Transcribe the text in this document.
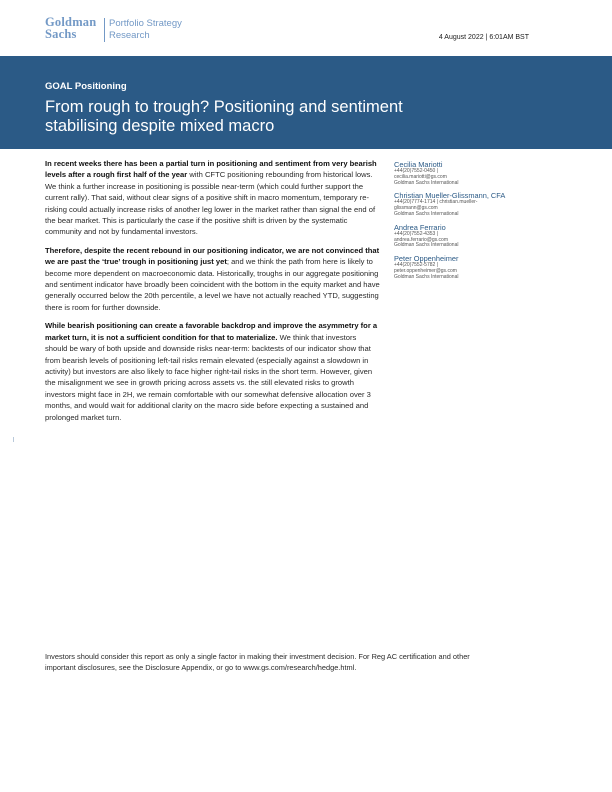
Goldman
Sachs
Portfolio Strategy
Research	4 August 2022 | 6:01AM BST
GOAL Positioning
From rough to trough? Positioning and sentiment stabilising despite mixed macro

In recent weeks there has been a partial turn in positioning and sentiment from very bearish levels after a rough first half of the year with CFTC positioning rebounding from historical lows. We think a further increase in positioning is possible near-term (which could further support the current rally). That said, without clear signs of a positive shift in macro momentum, temporary re-risking could actually increase risks of another leg lower in the market rather than signal the end of the bear market. This is particularly the case if the positive shift is driven by the systematic community and not by fundamental investors.

Therefore, despite the recent rebound in our positioning indicator, we are not convinced that we are past the ‘true’ trough in positioning just yet; and we think the path from here is likely to become more dependent on macroeconomic data. Historically, troughs in our aggregate positioning and sentiment indicator have broadly been coincident with the bottom in the equity market and have generally occurred below the 20th percentile, a level we have not actually reached YTD, suggesting there is room for further downside.

While bearish positioning can create a favorable backdrop and improve the asymmetry for a market turn, it is not a sufficient condition for that to materialize. We think that investors should be wary of both upside and downside risks near-term: backtests of our indicator show that from bearish levels of positioning left-tail risks remain elevated (especially against a slowdown in activity) but investors are also likely to face higher right-tail risks in the short term. However, given the misalignment we see in growth pricing across assets vs. the still elevated risks to growth investors might face in 2H, we remain comfortable with our somewhat defensive allocation over 3 months, and would wait for additional clarity on the macro side before expecting a sustained and prolonged market turn.

Cecilia Mariotti
+44(20)7552-0450 |
cecilia.mariotti@gs.com
Goldman Sachs International
Christian Mueller-Glissmann, CFA
+44(20)7774-1714 | christian.mueller-
glissmann@gs.com
Goldman Sachs International
Andrea Ferrario
+44(20)7552-4353 |
andrea.ferrario@gs.com
Goldman Sachs International
Peter Oppenheimer
+44(20)7552-5782 |
peter.oppenheimer@gs.com
Goldman Sachs International
Investors should consider this report as only a single factor in making their investment decision. For Reg AC certification and other important disclosures, see the Disclosure Appendix, or go to www.gs.com/research/hedge.html.
